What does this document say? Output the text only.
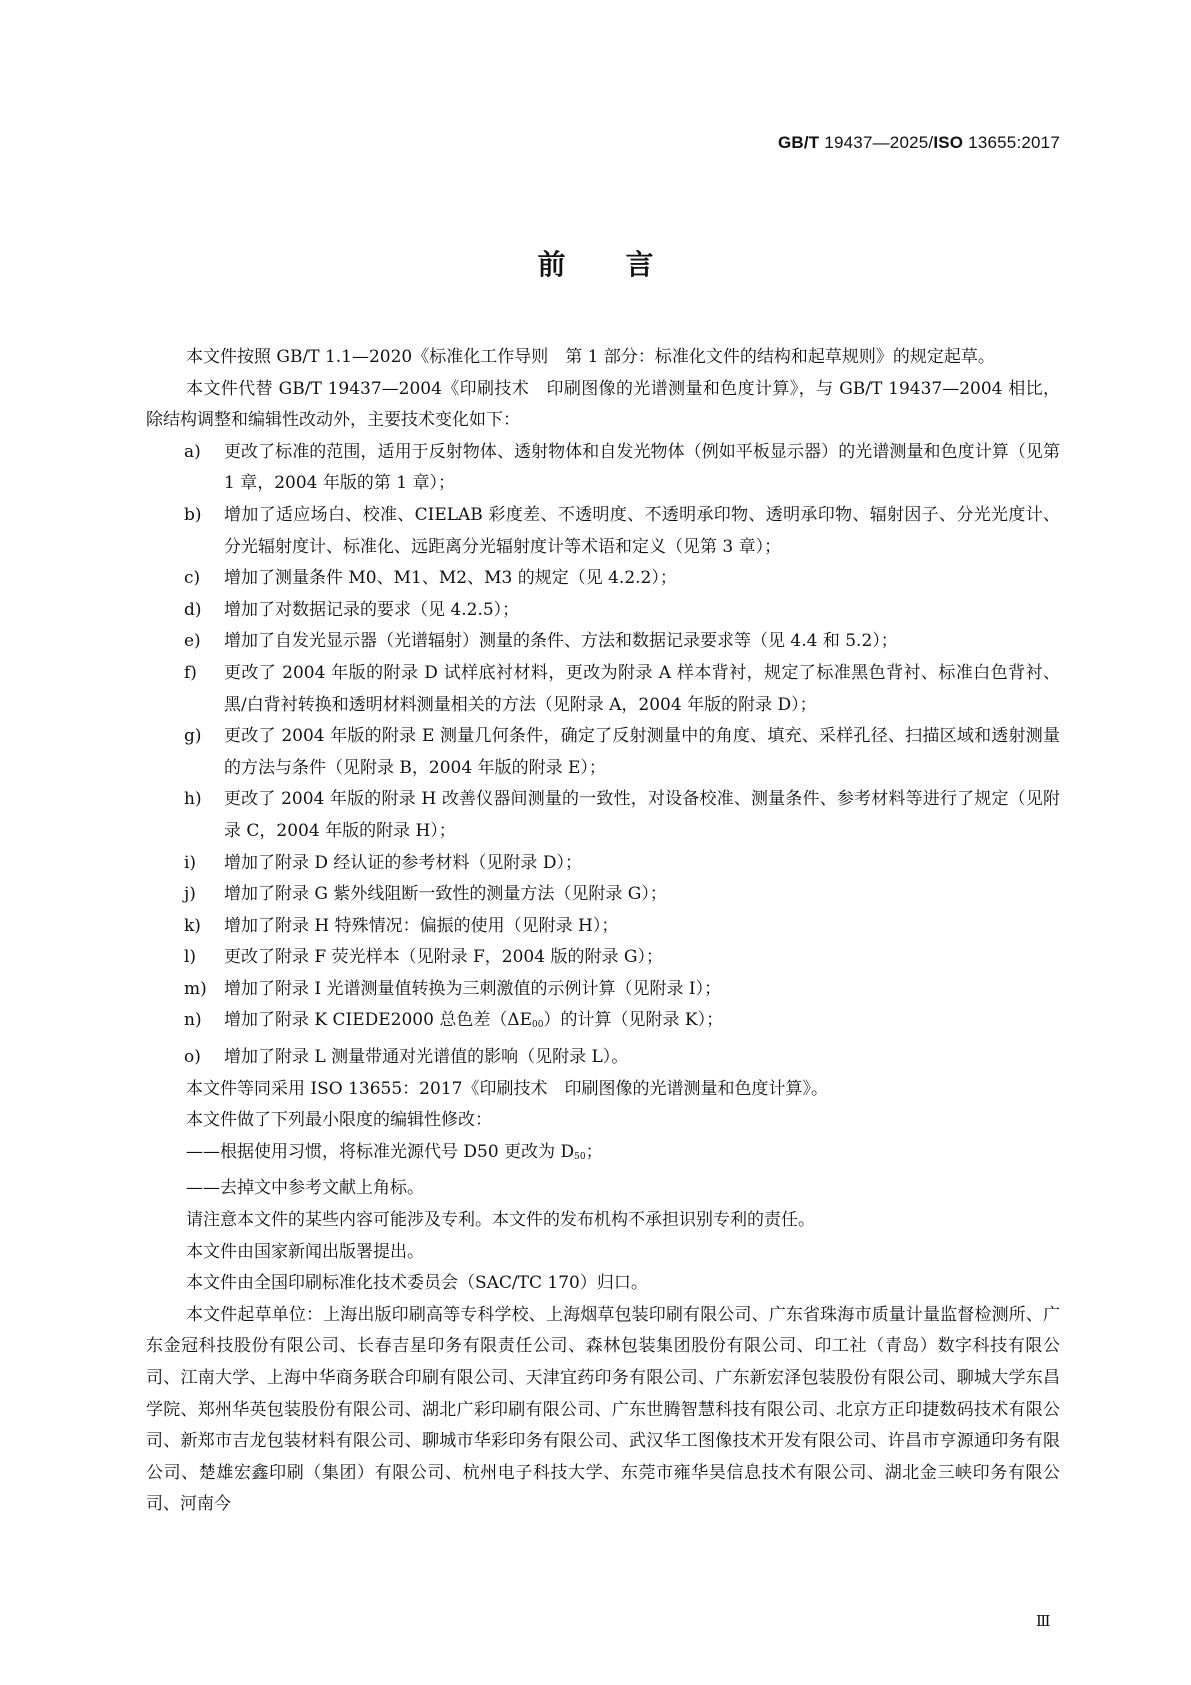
GB/T 19437—2025/ISO 13655:2017
前言

本文件按照 GB/T 1.1—2020《标准化工作导则　第 1 部分：标准化文件的结构和起草规则》的规定起草。

本文件代替 GB/T 19437—2004《印刷技术　印刷图像的光谱测量和色度计算》，与 GB/T 19437—2004 相比，除结构调整和编辑性改动外，主要技术变化如下：

a)	更改了标准的范围，适用于反射物体、透射物体和自发光物体（例如平板显示器）的光谱测量和色度计算（见第 1 章，2004 年版的第 1 章）；
b)	增加了适应场白、校准、CIELAB 彩度差、不透明度、不透明承印物、透明承印物、辐射因子、分光光度计、分光辐射度计、标准化、远距离分光辐射度计等术语和定义（见第 3 章）；
c)	增加了测量条件 M0、M1、M2、M3 的规定（见 4.2.2）；
d)	增加了对数据记录的要求（见 4.2.5）；
e)	增加了自发光显示器（光谱辐射）测量的条件、方法和数据记录要求等（见 4.4 和 5.2）；
f)	更改了 2004 年版的附录 D 试样底衬材料，更改为附录 A 样本背衬，规定了标准黑色背衬、标准白色背衬、黑/白背衬转换和透明材料测量相关的方法（见附录 A，2004 年版的附录 D）；
g)	更改了 2004 年版的附录 E 测量几何条件，确定了反射测量中的角度、填充、采样孔径、扫描区域和透射测量的方法与条件（见附录 B，2004 年版的附录 E）；
h)	更改了 2004 年版的附录 H 改善仪器间测量的一致性，对设备校准、测量条件、参考材料等进行了规定（见附录 C，2004 年版的附录 H）；
i)	增加了附录 D 经认证的参考材料（见附录 D）；
j)	增加了附录 G 紫外线阻断一致性的测量方法（见附录 G）；
k)	增加了附录 H 特殊情况：偏振的使用（见附录 H）；
l)	更改了附录 F 荧光样本（见附录 F，2004 版的附录 G）；
m)	增加了附录 I 光谱测量值转换为三刺激值的示例计算（见附录 I）；
n)	增加了附录 K CIEDE2000 总色差$(\Delta E_{00})$的计算（见附录 K）；
o)	增加了附录 L 测量带通对光谱值的影响（见附录 L）。

本文件等同采用 ISO 13655：2017《印刷技术　印刷图像的光谱测量和色度计算》。

本文件做了下列最小限度的编辑性修改：

——根据使用习惯，将标准光源代号 D50 更改为 $D_{50}$；

——去掉文中参考文献上角标。

请注意本文件的某些内容可能涉及专利。本文件的发布机构不承担识别专利的责任。

本文件由国家新闻出版署提出。

本文件由全国印刷标准化技术委员会（SAC/TC 170）归口。

本文件起草单位：上海出版印刷高等专科学校、上海烟草包装印刷有限公司、广东省珠海市质量计量监督检测所、广东金冠科技股份有限公司、长春吉星印务有限责任公司、森林包装集团股份有限公司、印工社（青岛）数字科技有限公司、江南大学、上海中华商务联合印刷有限公司、天津宜药印务有限公司、广东新宏泽包装股份有限公司、聊城大学东昌学院、郑州华英包装股份有限公司、湖北广彩印刷有限公司、广东世腾智慧科技有限公司、北京方正印捷数码技术有限公司、新郑市吉龙包装材料有限公司、聊城市华彩印务有限公司、武汉华工图像技术开发有限公司、许昌市亨源通印务有限公司、楚雄宏鑫印刷（集团）有限公司、杭州电子科技大学、东莞市雍华昊信息技术有限公司、湖北金三峡印务有限公司、河南今

Ⅲ
